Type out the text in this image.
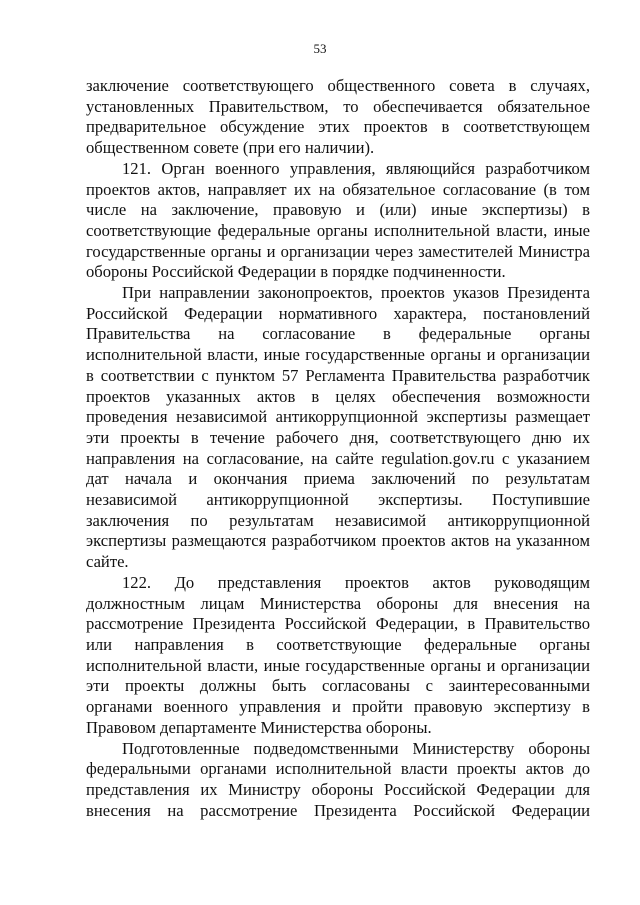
53

заключение соответствующего общественного совета в случаях, установленных Правительством, то обеспечивается обязательное предварительное обсуждение этих проектов в соответствующем общественном совете (при его наличии).

121. Орган военного управления, являющийся разработчиком проектов актов, направляет их на обязательное согласование (в том числе на заключение, правовую и (или) иные экспертизы) в соответствующие федеральные органы исполнительной власти, иные государственные органы и организации через заместителей Министра обороны Российской Федерации в порядке подчиненности.

При направлении законопроектов, проектов указов Президента Российской Федерации нормативного характера, постановлений Правительства на согласование в федеральные органы исполнительной власти, иные государственные органы и организации в соответствии с пунктом 57 Регламента Правительства разработчик проектов указанных актов в целях обеспечения возможности проведения независимой антикоррупционной экспертизы размещает эти проекты в течение рабочего дня, соответствующего дню их направления на согласование, на сайте regulation.gov.ru с указанием дат начала и окончания приема заключений по результатам независимой антикоррупционной экспертизы. Поступившие заключения по результатам независимой антикоррупционной экспертизы размещаются разработчиком проектов актов на указанном сайте.

122. До представления проектов актов руководящим должностным лицам Министерства обороны для внесения на рассмотрение Президента Российской Федерации, в Правительство или направления в соответствующие федеральные органы исполнительной власти, иные государственные органы и организации эти проекты должны быть согласованы с заинтересованными органами военного управления и пройти правовую экспертизу в Правовом департаменте Министерства обороны.

Подготовленные подведомственными Министерству обороны федеральными органами исполнительной власти проекты актов до представления их Министру обороны Российской Федерации для внесения на рассмотрение Президента Российской Федерации
